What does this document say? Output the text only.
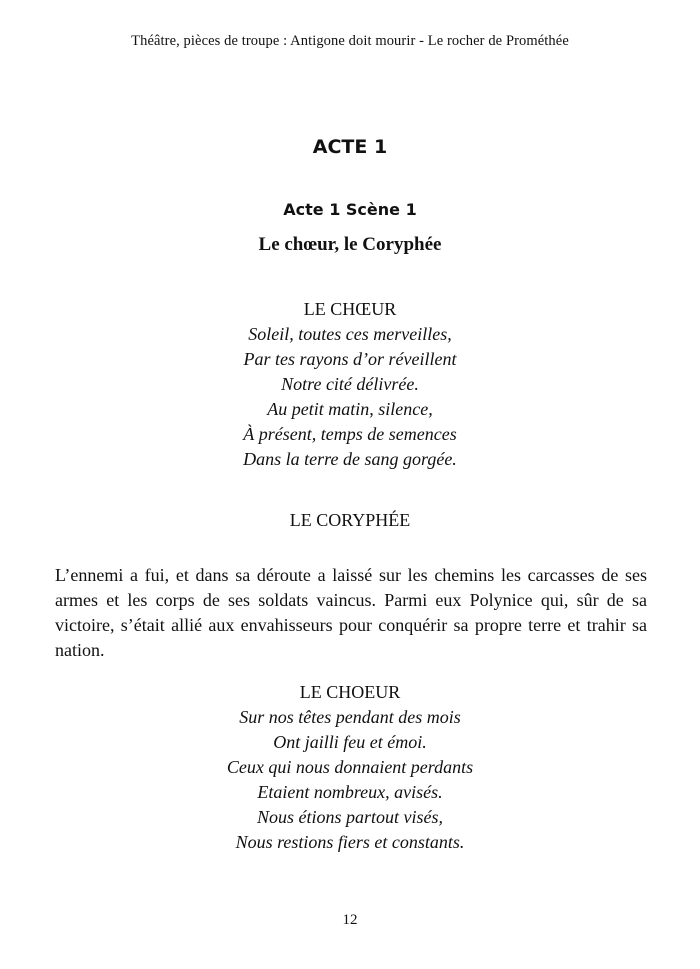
Théâtre, pièces de troupe : Antigone doit mourir - Le rocher de Prométhée
ACTE 1
Acte 1 Scène 1
Le chœur, le Coryphée
LE CHŒUR
Soleil, toutes ces merveilles,
Par tes rayons d’or réveillent
Notre cité délivrée.
Au petit matin, silence,
À présent, temps de semences
Dans la terre de sang gorgée.
LE CORYPHÉE
L’ennemi a fui, et dans sa déroute a laissé sur les chemins les carcasses de ses armes et les corps de ses soldats vaincus. Parmi eux Polynice qui, sûr de sa victoire, s’était allié aux envahisseurs pour conquérir sa propre terre et trahir sa nation.
LE CHOEUR
Sur nos têtes pendant des mois
Ont jailli feu et émoi.
Ceux qui nous donnaient perdants
Etaient nombreux, avisés.
Nous étions partout visés,
Nous restions fiers et constants.
12
